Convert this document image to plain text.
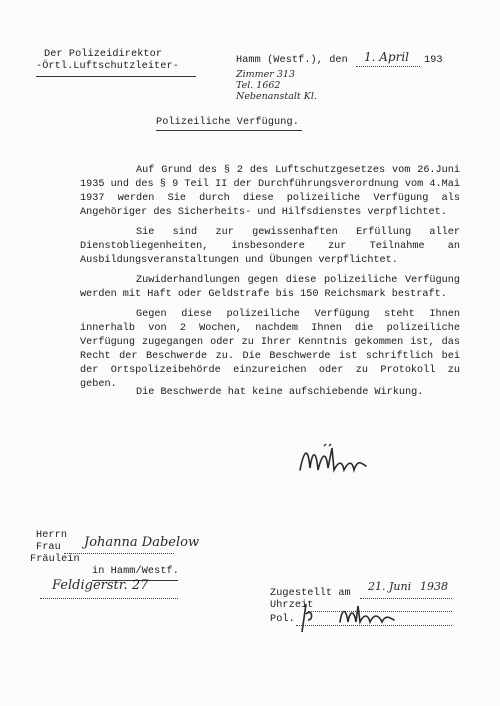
Der Polizeidirektor
-Örtl.Luftschutzleiter-
Hamm (Westf.), den 1. April 193
Zimmer 313
Tel. 1662
Nebenanstalt Kl.
Polizeiliche Verfügung.
Auf Grund des § 2 des Luftschutzgesetzes vom 26.Juni 1935 und des § 9 Teil II der Durchführungsverordnung vom 4.Mai 1937 werden Sie durch diese polizeiliche Verfügung als Angehöriger des Sicherheits- und Hilfsdienstes verpflichtet.
Sie sind zur gewissenhaften Erfüllung aller Dienstobliegenheiten, insbesondere zur Teilnahme an Ausbildungsveranstaltungen und Übungen verpflichtet.
Zuwiderhandlungen gegen diese polizeiliche Verfügung werden mit Haft oder Geldstrafe bis 150 Reichsmark bestraft.
Gegen diese polizeiliche Verfügung steht Ihnen innerhalb von 2 Wochen, nachdem Ihnen die polizeiliche Verfügung zugegangen oder zu Ihrer Kenntnis gekommen ist, das Recht der Beschwerde zu. Die Beschwerde ist schriftlich bei der Ortspolizeibehörde einzureichen oder zu Protokoll zu geben.
Die Beschwerde hat keine aufschiebende Wirkung.
Herrn
Frau Johanna Dabelow
Fräulein
in Hamm/Westf.
Feldigerstr. 27
Zugestellt am
21. Juni 1938
Uhrzeit
Pol.
